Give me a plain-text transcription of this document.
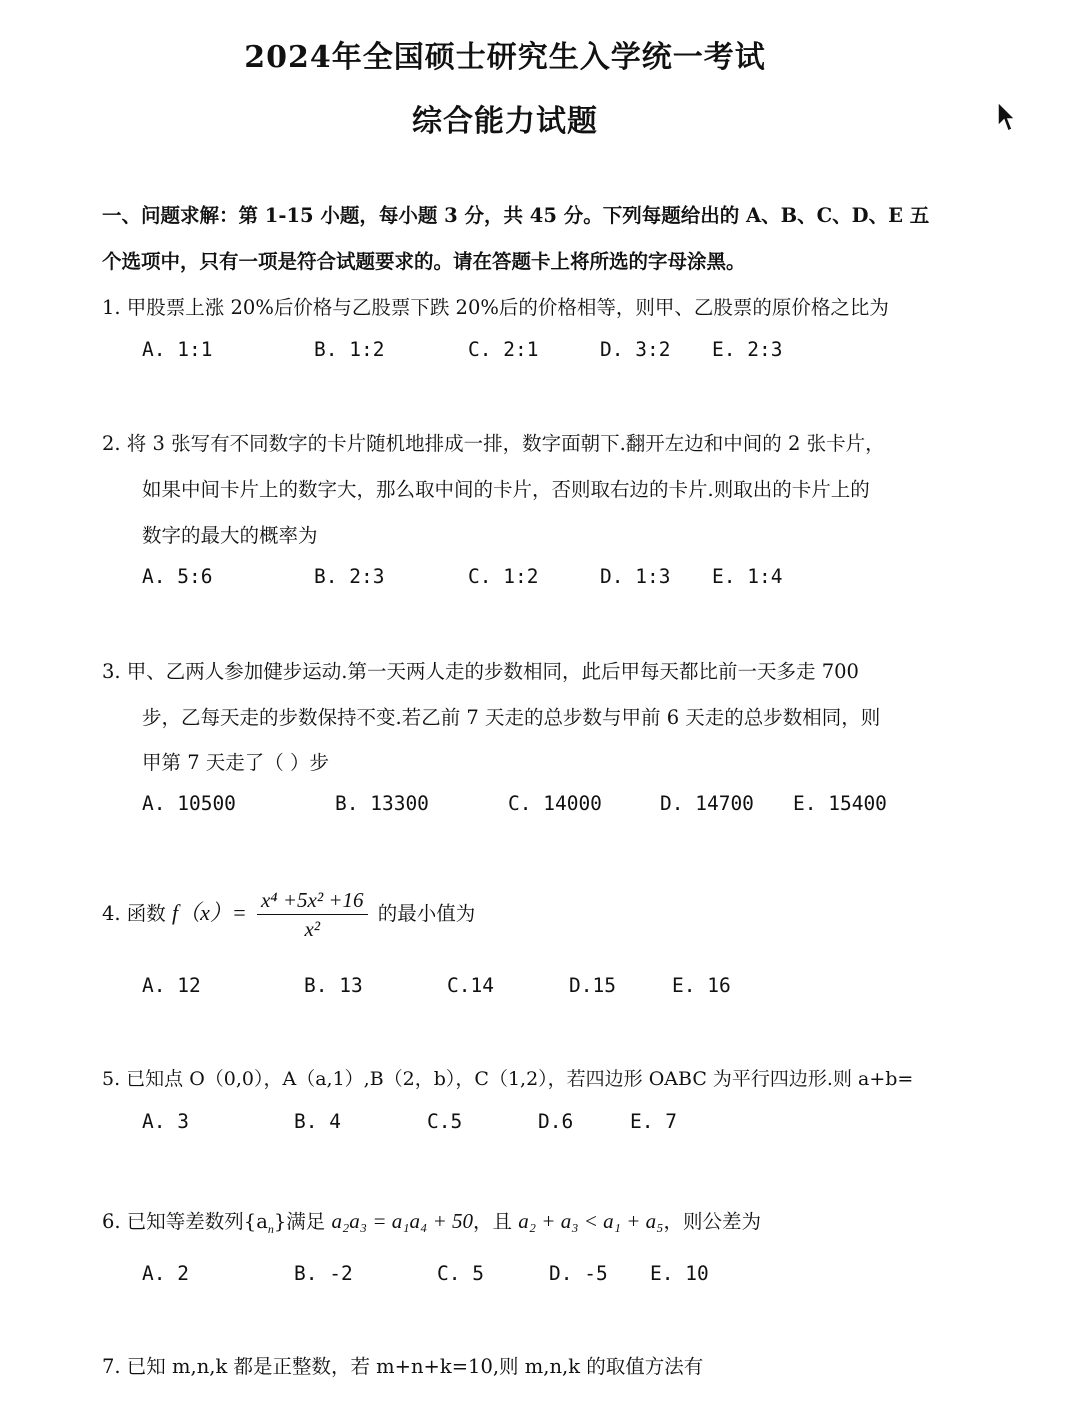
2024年全国硕士研究生入学统一考试
综合能力试题

一、问题求解：第 1-15 小题，每小题 3 分，共 45 分。下列每题给出的 A、B、C、D、E 五

个选项中，只有一项是符合试题要求的。请在答题卡上将所选的字母涂黑。

1. 甲股票上涨 20%后价格与乙股票下跌 20%后的价格相等，则甲、乙股票的原价格之比为

A. 1:1	B. 1:2	C. 2:1	D. 3:2 E. 2:3

2. 将 3 张写有不同数字的卡片随机地排成一排，数字面朝下.翻开左边和中间的 2 张卡片，

如果中间卡片上的数字大，那么取中间的卡片，否则取右边的卡片.则取出的卡片上的

数字的最大的概率为

A. 5:6	B. 2:3	C. 1:2	D. 1:3 E. 1:4

3. 甲、乙两人参加健步运动.第一天两人走的步数相同，此后甲每天都比前一天多走 700

步，乙每天走的步数保持不变.若乙前 7 天走的总步数与甲前 6 天走的总步数相同，则

甲第 7 天走了（ ）步

A. 10500	B. 13300	C. 14000	D. 14700 E. 15400
4. 函数 $f(x)= \frac{\text{x⁴ +5x² +16}}{\text{x²}}$ 的最小值为
A. 12	B. 13	C.14	D.15	E. 16

5. 已知点 O（0,0），A（a,1）,B（2，b），C（1,2），若四边形 OABC 为平行四边形.则 a+b=

A. 3	B. 4	C.5	D.6	E. 7
6. 已知等差数列$\{a_n\}$满足 a₂a₃ = a₁a₄ + 50，且 a₂ + a₃ < a₁ + a₅，则公差为
A. 2	B. -2	C. 5	D. -5 E. 10

7. 已知 m,n,k 都是正整数，若 m+n+k=10,则 m,n,k 的取值方法有
